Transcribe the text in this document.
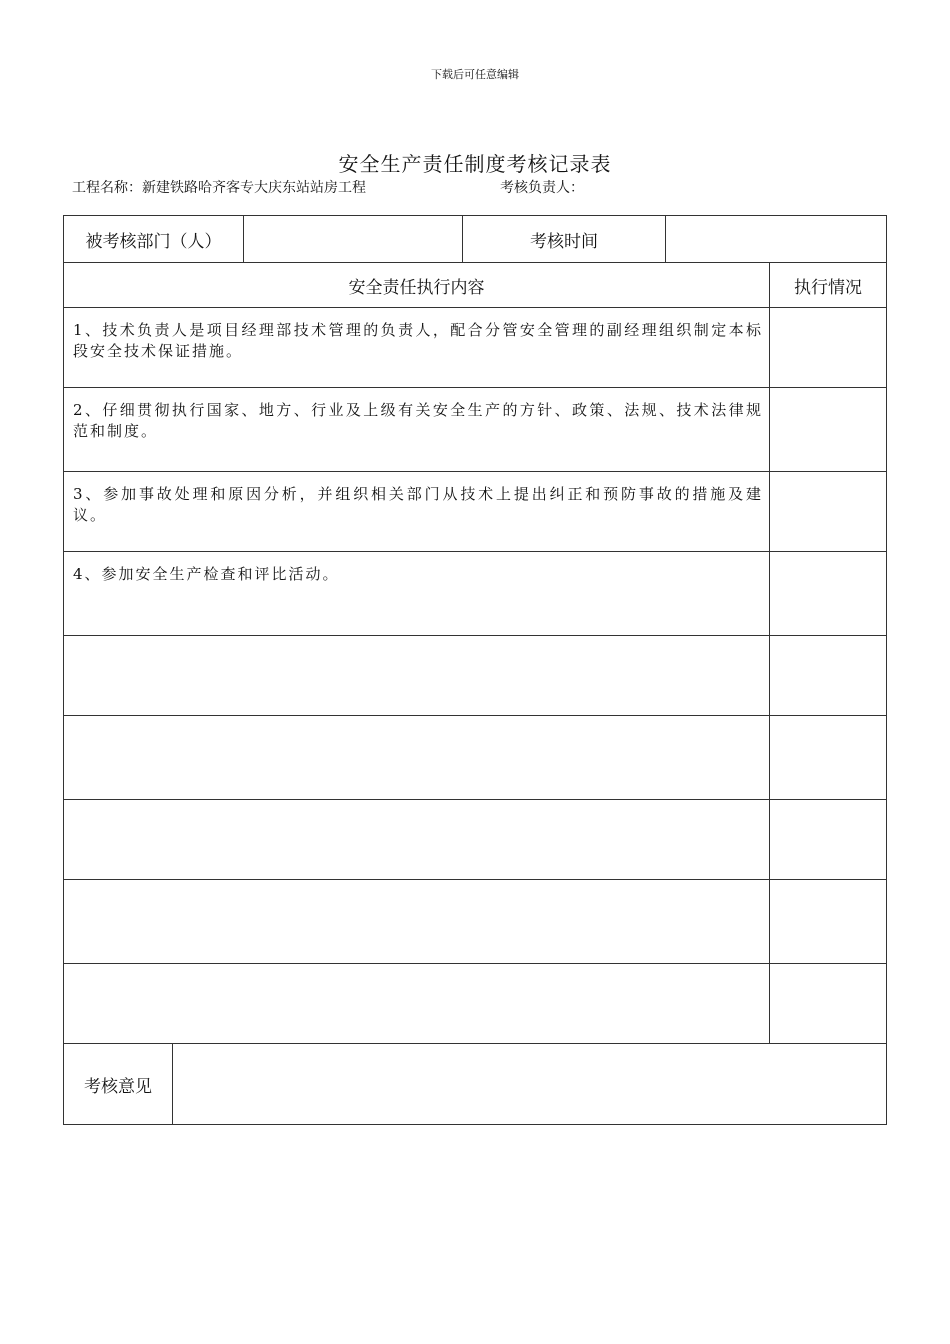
下载后可任意编辑
安全生产责任制度考核记录表
工程名称：新建铁路哈齐客专大庆东站站房工程	考核负责人：
被考核部门（人）	考核时间
安全责任执行内容	执行情况
1、技术负责人是项目经理部技术管理的负责人，配合分管安全管理的副经理组织制定本标段安全技术保证措施。
2、仔细贯彻执行国家、地方、行业及上级有关安全生产的方针、政策、法规、技术法律规范和制度。
3、参加事故处理和原因分析，并组织相关部门从技术上提出纠正和预防事故的措施及建议。
4、参加安全生产检查和评比活动。
考核意见
